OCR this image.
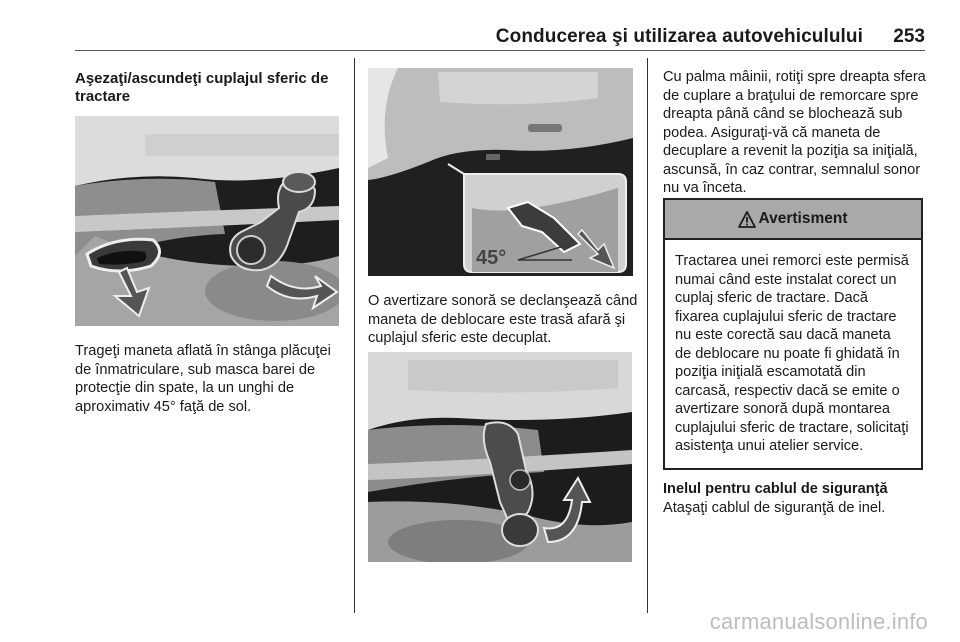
Conducerea şi utilizarea autovehiculului 253

Aşezaţi/ascundeţi cuplajul sferic de tractare

Trageţi maneta aflată în stânga plăcuţei de înmatriculare, sub masca barei de protecţie din spate, la un unghi de aproximativ 45° faţă de sol.

45°

O avertizare sonoră se declanşează când maneta de deblocare este trasă afară şi cuplajul sferic este decuplat.

Cu palma mâinii, rotiţi spre dreapta sfera de cuplare a braţului de remorcare spre dreapta până când se blochează sub podea. Asiguraţi-vă că maneta de decuplare a revenit la poziţia sa iniţială, ascunsă, în caz contrar, semnalul sonor nu va înceta.

Avertisment

Tractarea unei remorci este permisă numai când este instalat corect un cuplaj sferic de tractare. Dacă fixarea cuplajului sferic de tractare nu este corectă sau dacă maneta de deblocare nu poate fi ghidată în poziţia iniţială escamotată din carcasă, respectiv dacă se emite o avertizare sonoră după montarea cuplajului sferic de tractare, solicitaţi asistenţa unui atelier service.

Inelul pentru cablul de siguranţă

Ataşaţi cablul de siguranţă de inel.

carmanualsonline.info
